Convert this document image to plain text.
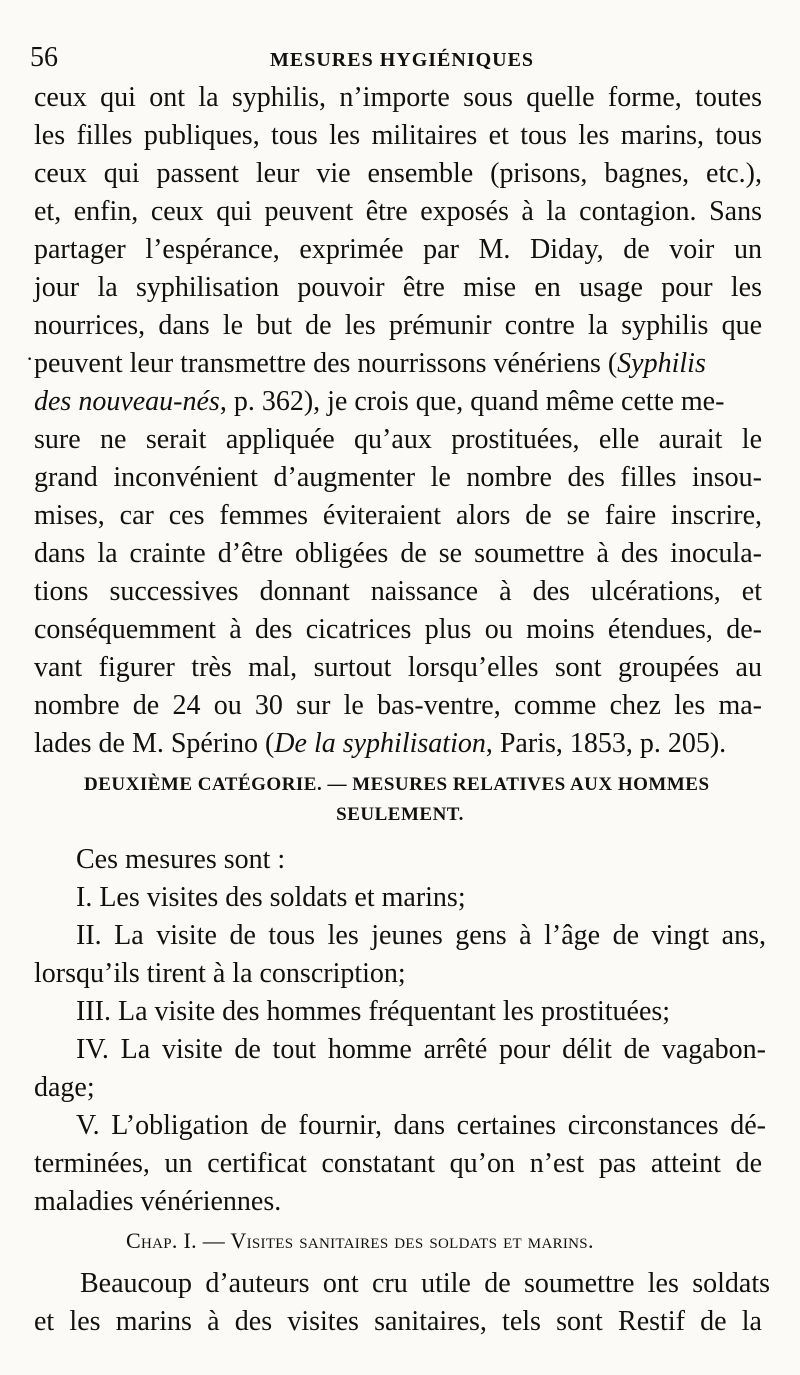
56	MESURES HYGIÉNIQUES
ceux qui ont la syphilis, n’importe sous quelle forme, toutes
les filles publiques, tous les militaires et tous les marins, tous
ceux qui passent leur vie ensemble (prisons, bagnes, etc.),
et, enfin, ceux qui peuvent être exposés à la contagion. Sans
partager l’espérance, exprimée par M. Diday, de voir un
jour la syphilisation pouvoir être mise en usage pour les
nourrices, dans le but de les prémunir contre la syphilis que
· peuvent leur transmettre des nourrissons vénériens (Syphilis
des nouveau-nés, p. 362), je crois que, quand même cette me-
sure ne serait appliquée qu’aux prostituées, elle aurait le
grand inconvénient d’augmenter le nombre des filles insou-
mises, car ces femmes éviteraient alors de se faire inscrire,
dans la crainte d’être obligées de se soumettre à des inocula-
tions successives donnant naissance à des ulcérations, et
conséquemment à des cicatrices plus ou moins étendues, de-
vant figurer très mal, surtout lorsqu’elles sont groupées au
nombre de 24 ou 30 sur le bas-ventre, comme chez les ma-
lades de M. Spérino (De la syphilisation, Paris, 1853, p. 205).
DEUXIÈME CATÉGORIE. — MESURES RELATIVES AUX HOMMES
SEULEMENT.
Ces mesures sont :
I. Les visites des soldats et marins;
II. La visite de tous les jeunes gens à l’âge de vingt ans,
lorsqu’ils tirent à la conscription;
III. La visite des hommes fréquentant les prostituées;
IV. La visite de tout homme arrêté pour délit de vagabon-
dage;
V. L’obligation de fournir, dans certaines circonstances dé-
terminées, un certificat constatant qu’on n’est pas atteint de
maladies vénériennes.
Chap. I. — Visites sanitaires des soldats et marins.
Beaucoup d’auteurs ont cru utile de soumettre les soldats
et les marins à des visites sanitaires, tels sont Restif de la
